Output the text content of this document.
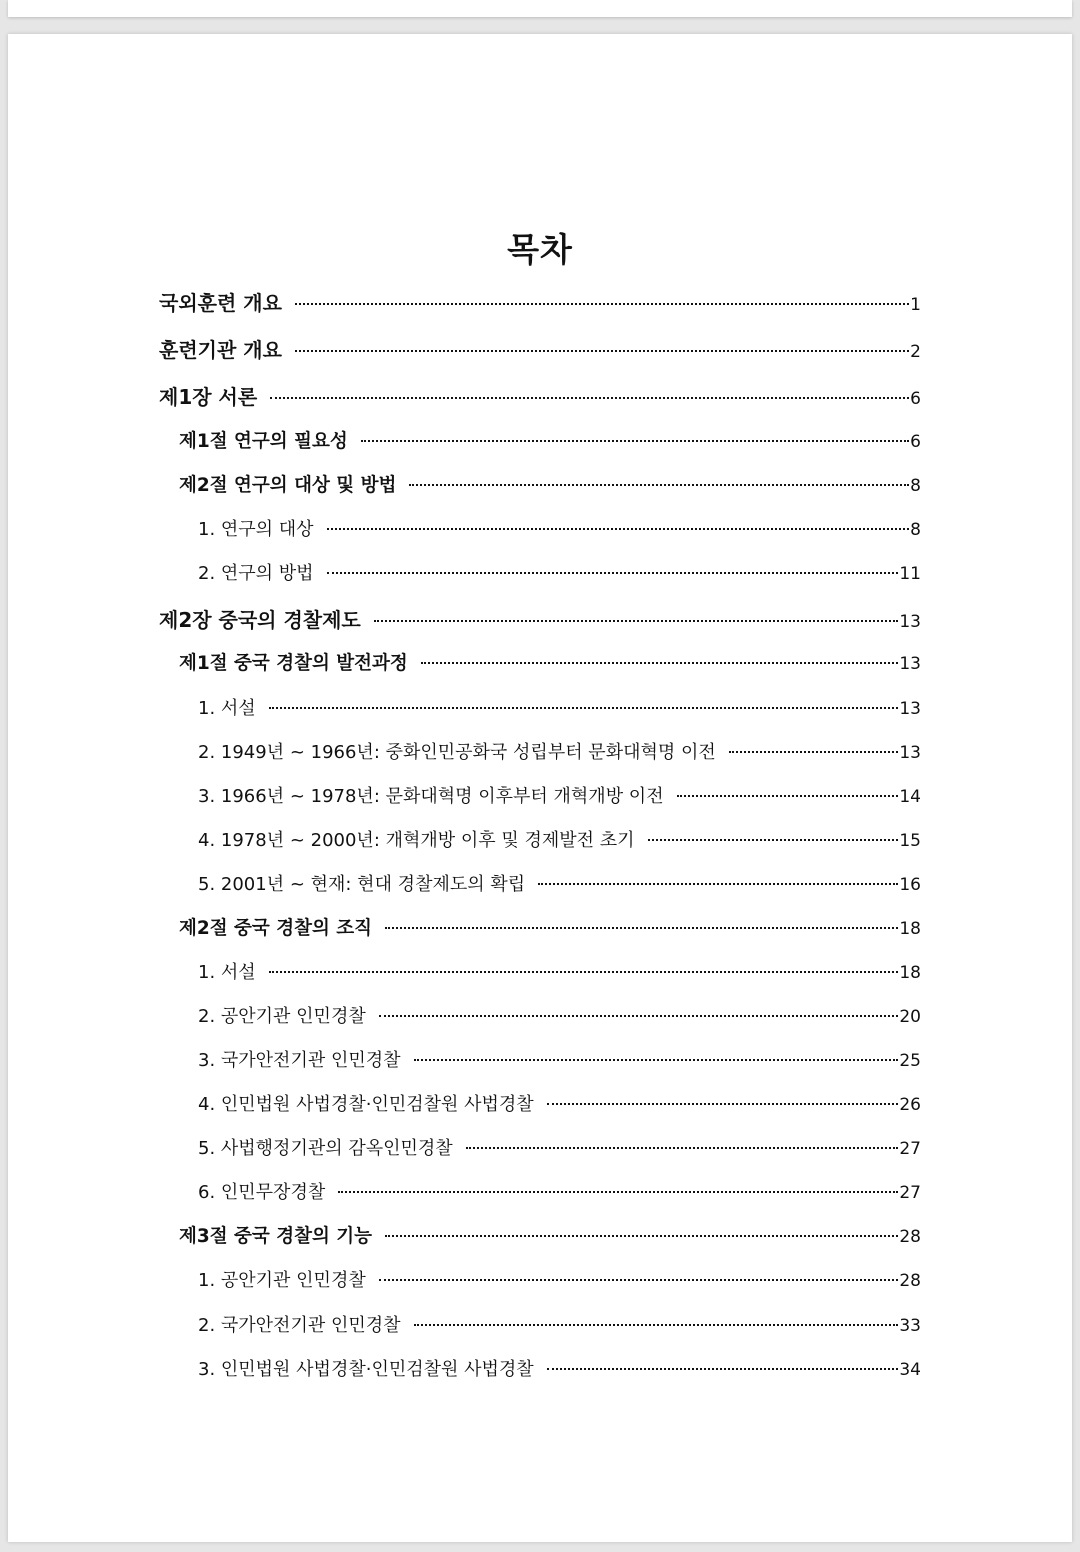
목차
국외훈련 개요	1
훈련기관 개요	2
제1장 서론	6
제1절 연구의 필요성	6
제2절 연구의 대상 및 방법	8
1. 연구의 대상	8
2. 연구의 방법	11
제2장 중국의 경찰제도	13
제1절 중국 경찰의 발전과정	13
1. 서설	13
2. 1949년 ~ 1966년: 중화인민공화국 성립부터 문화대혁명 이전	13
3. 1966년 ~ 1978년: 문화대혁명 이후부터 개혁개방 이전	14
4. 1978년 ~ 2000년: 개혁개방 이후 및 경제발전 초기	15
5. 2001년 ~ 현재: 현대 경찰제도의 확립	16
제2절 중국 경찰의 조직	18
1. 서설	18
2. 공안기관 인민경찰	20
3. 국가안전기관 인민경찰	25
4. 인민법원 사법경찰·인민검찰원 사법경찰	26
5. 사법행정기관의 감옥인민경찰	27
6. 인민무장경찰	27
제3절 중국 경찰의 기능	28
1. 공안기관 인민경찰	28
2. 국가안전기관 인민경찰	33
3. 인민법원 사법경찰·인민검찰원 사법경찰	34
